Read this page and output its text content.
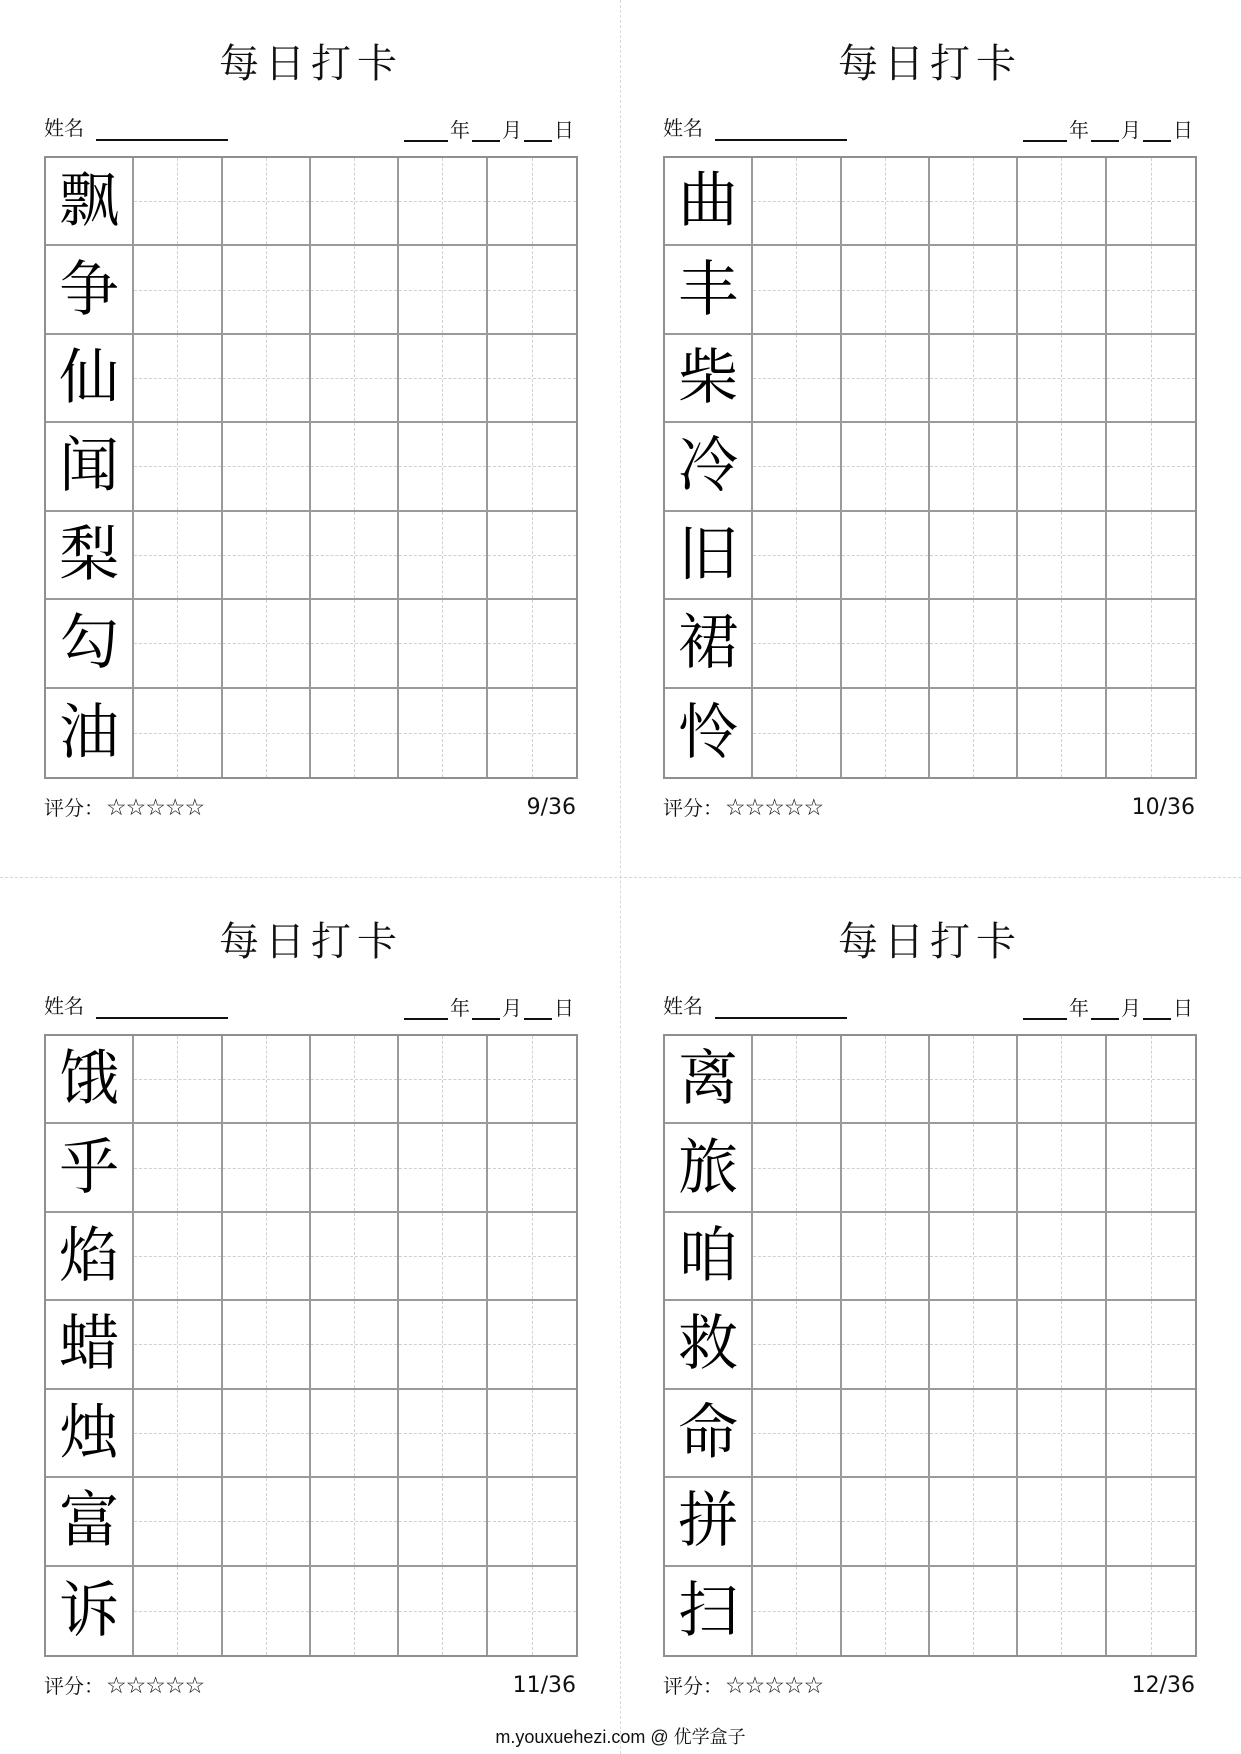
每日打卡
姓名	年 月 日
飘
争
仙
闻
梨
勾
油
评分： ☆☆☆☆☆	9/36
每日打卡
姓名	年 月 日
曲
丰
柴
冷
旧
裙
怜
评分： ☆☆☆☆☆	10/36
每日打卡
姓名	年 月 日
饿
乎
焰
蜡
烛
富
诉
评分： ☆☆☆☆☆	11/36
每日打卡
姓名	年 月 日
离
旅
咱
救
命
拼
扫
评分： ☆☆☆☆☆	12/36
m.youxuehezi.com @ 优学盒子
